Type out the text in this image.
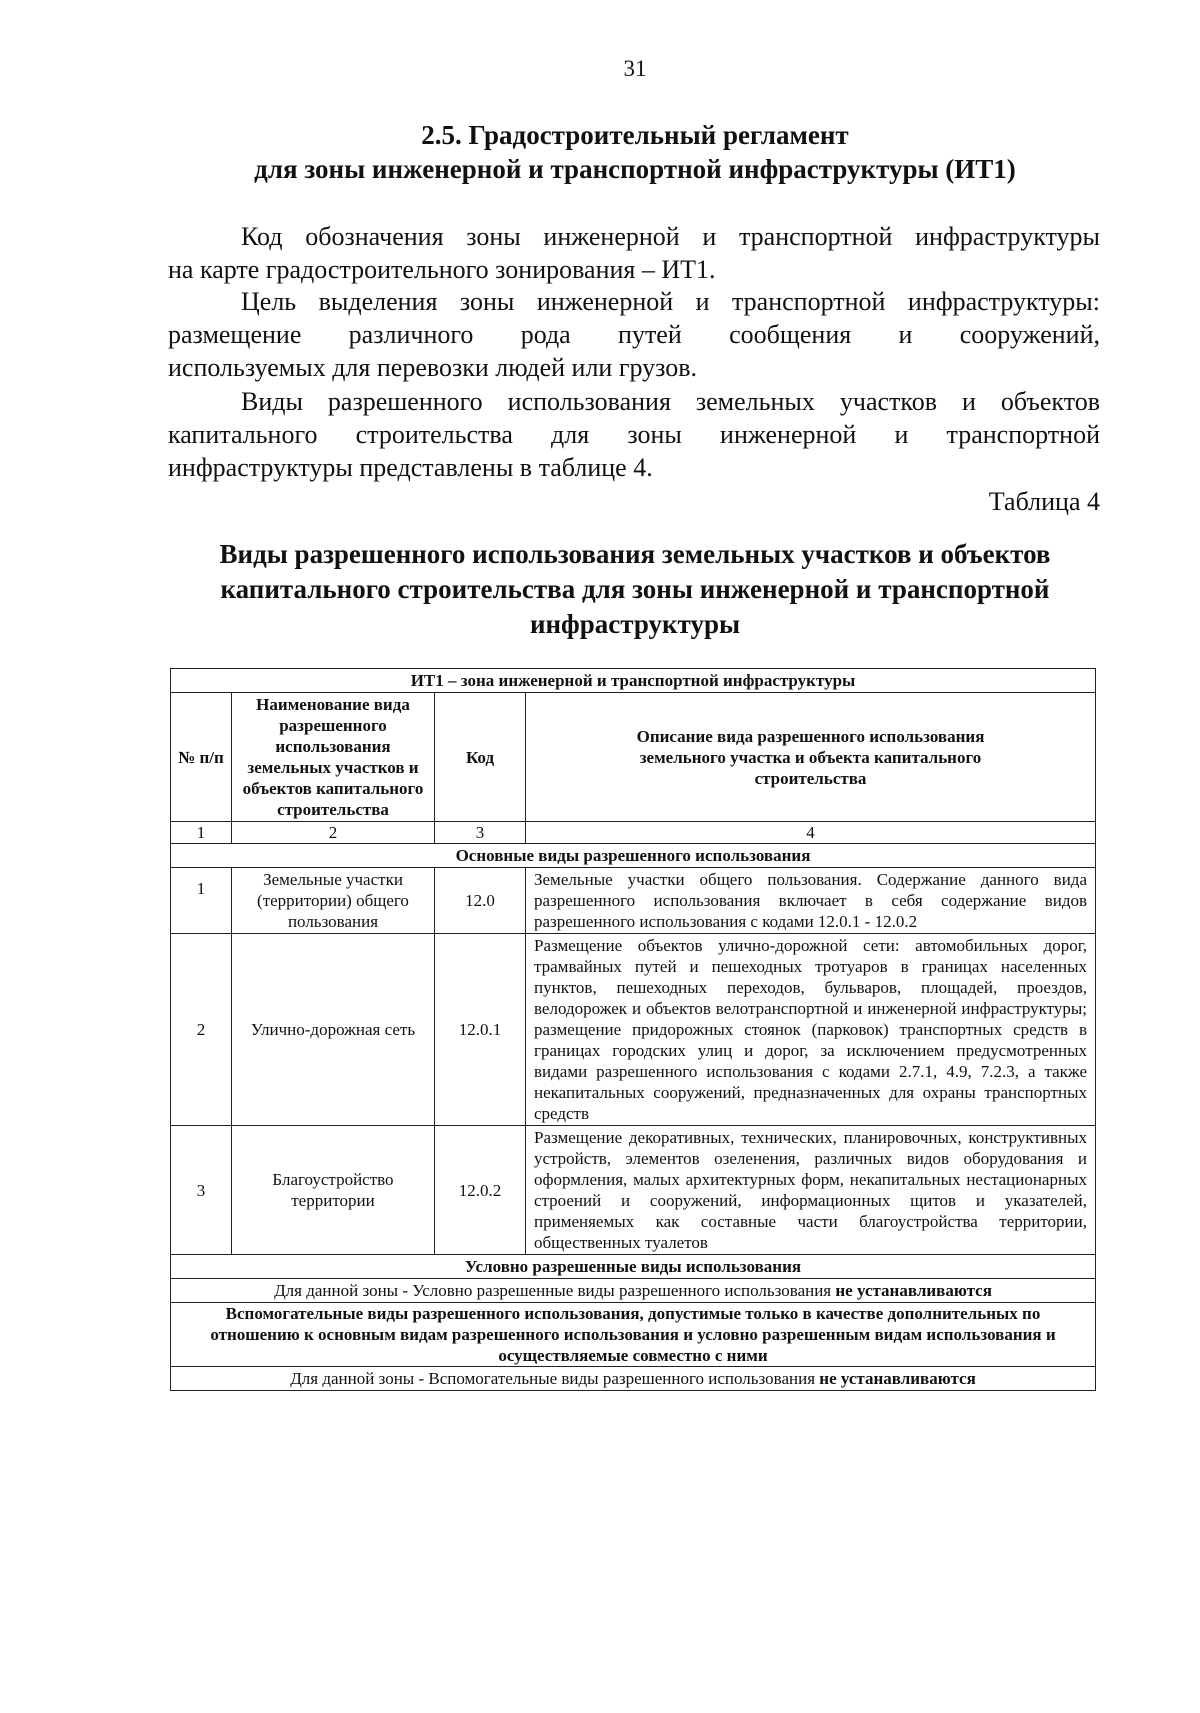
31
2.5. Градостроительный регламент
для зоны инженерной и транспортной инфраструктуры (ИТ1)
Код обозначения зоны инженерной и транспортной инфраструктуры
на карте градостроительного зонирования – ИТ1.
Цель выделения зоны инженерной и транспортной инфраструктуры:
размещение различного рода путей сообщения и сооружений,
используемых для перевозки людей или грузов.
Виды разрешенного использования земельных участков и объектов
капитального строительства для зоны инженерной и транспортной
инфраструктуры представлены в таблице 4.
Таблица 4
Виды разрешенного использования земельных участков и объектов
капитального строительства для зоны инженерной и транспортной
инфраструктуры
ИТ1 – зона инженерной и транспортной инфраструктуры			
№ п/п	Наименование вида разрешенного использования земельных участков и объектов капитального строительства	Код	Описание вида разрешенного использования земельного участка и объекта капитального строительства
1	2	3	4
Основные виды разрешенного использования			
1	Земельные участки (территории) общего пользования	12.0	Земельные участки общего пользования. Содержание данного вида разрешенного использования включает в себя содержание видов разрешенного использования с кодами 12.0.1 - 12.0.2
2	Улично-дорожная сеть	12.0.1	Размещение объектов улично-дорожной сети: автомобильных дорог, трамвайных путей и пешеходных тротуаров в границах населенных пунктов, пешеходных переходов, бульваров, площадей, проездов, велодорожек и объектов велотранспортной и инженерной инфраструктуры; размещение придорожных стоянок (парковок) транспортных средств в границах городских улиц и дорог, за исключением предусмотренных видами разрешенного использования с кодами 2.7.1, 4.9, 7.2.3, а также некапитальных сооружений, предназначенных для охраны транспортных средств
3	Благоустройство территории	12.0.2	Размещение декоративных, технических, планировочных, конструктивных устройств, элементов озеленения, различных видов оборудования и оформления, малых архитектурных форм, некапитальных нестационарных строений и сооружений, информационных щитов и указателей, применяемых как составные части благоустройства территории, общественных туалетов
Условно разрешенные виды использования			
Для данной зоны - Условно разрешенные виды разрешенного использования не устанавливаются			
Вспомогательные виды разрешенного использования, допустимые только в качестве дополнительных по отношению к основным видам разрешенного использования и условно разрешенным видам использования и осуществляемые совместно с ними			
Для данной зоны - Вспомогательные виды разрешенного использования не устанавливаются			
